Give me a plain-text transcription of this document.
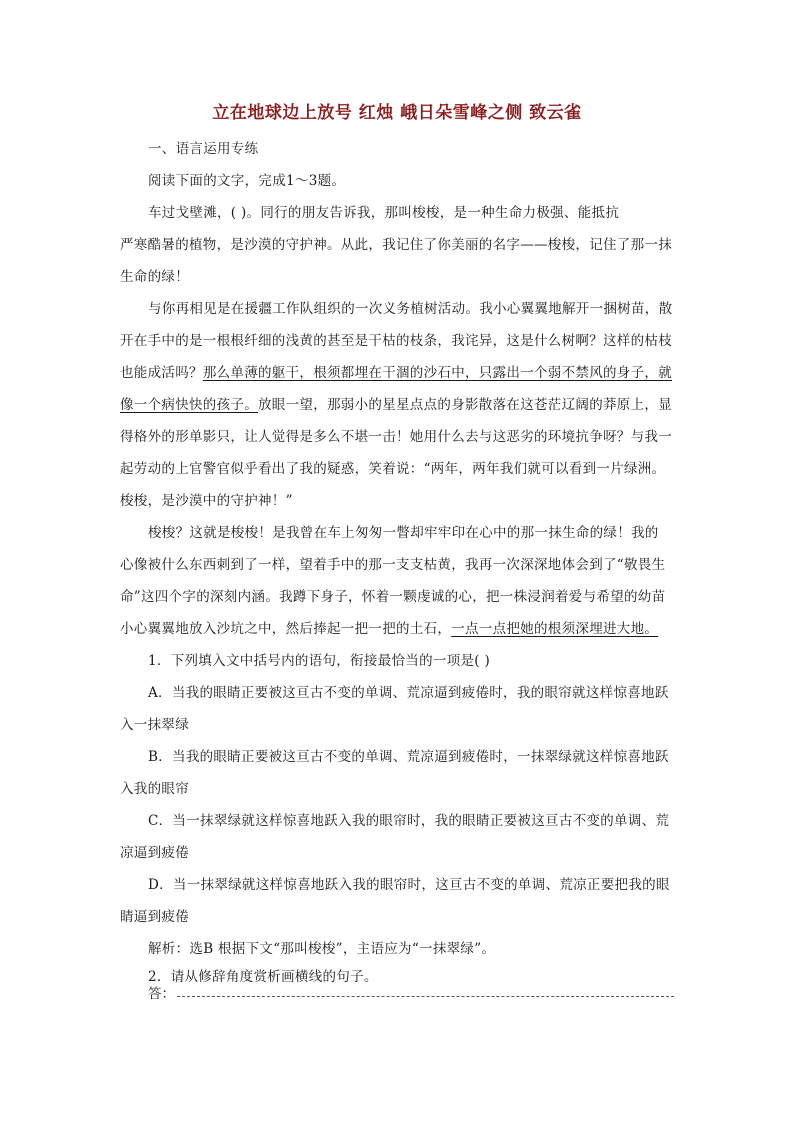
立在地球边上放号 红烛 峨日朵雪峰之侧 致云雀
一、语言运用专练
阅读下面的文字，完成1～3题。
车过戈壁滩，( )。同行的朋友告诉我，那叫梭梭，是一种生命力极强、能抵抗
严寒酷暑的植物，是沙漠的守护神。从此，我记住了你美丽的名字——梭梭，记住了那一抹
生命的绿！
与你再相见是在援疆工作队组织的一次义务植树活动。我小心翼翼地解开一捆树苗，散
开在手中的是一根根纤细的浅黄的甚至是干枯的枝条，我诧异，这是什么树啊？这样的枯枝
也能成活吗？那么单薄的躯干，根须都埋在干涸的沙石中，只露出一个弱不禁风的身子，就
像一个病快快的孩子。放眼一望，那弱小的星星点点的身影散落在这苍茫辽阔的莽原上，显
得格外的形单影只，让人觉得是多么不堪一击！她用什么去与这恶劣的环境抗争呀？与我一
起劳动的上官警官似乎看出了我的疑惑，笑着说：“两年，两年我们就可以看到一片绿洲。
梭梭，是沙漠中的守护神！”
梭梭？这就是梭梭！是我曾在车上匆匆一瞥却牢牢印在心中的那一抹生命的绿！我的
心像被什么东西刺到了一样，望着手中的那一支支枯黄，我再一次深深地体会到了“敬畏生
命”这四个字的深刻内涵。我蹲下身子，怀着一颗虔诚的心，把一株浸润着爱与希望的幼苗
小心翼翼地放入沙坑之中，然后捧起一把一把的土石，一点一点把她的根须深埋进大地。
1．下列填入文中括号内的语句，衔接最恰当的一项是( )
A．当我的眼睛正要被这亘古不变的单调、荒凉逼到疲倦时，我的眼帘就这样惊喜地跃
入一抹翠绿
B．当我的眼睛正要被这亘古不变的单调、荒凉逼到疲倦时，一抹翠绿就这样惊喜地跃
入我的眼帘
C．当一抹翠绿就这样惊喜地跃入我的眼帘时，我的眼睛正要被这亘古不变的单调、荒
凉逼到疲倦
D．当一抹翠绿就这样惊喜地跃入我的眼帘时，这亘古不变的单调、荒凉正要把我的眼
睛逼到疲倦
解析：选B 根据下文“那叫梭梭”，主语应为“一抹翠绿”。
2．请从修辞角度赏析画横线的句子。
答：
